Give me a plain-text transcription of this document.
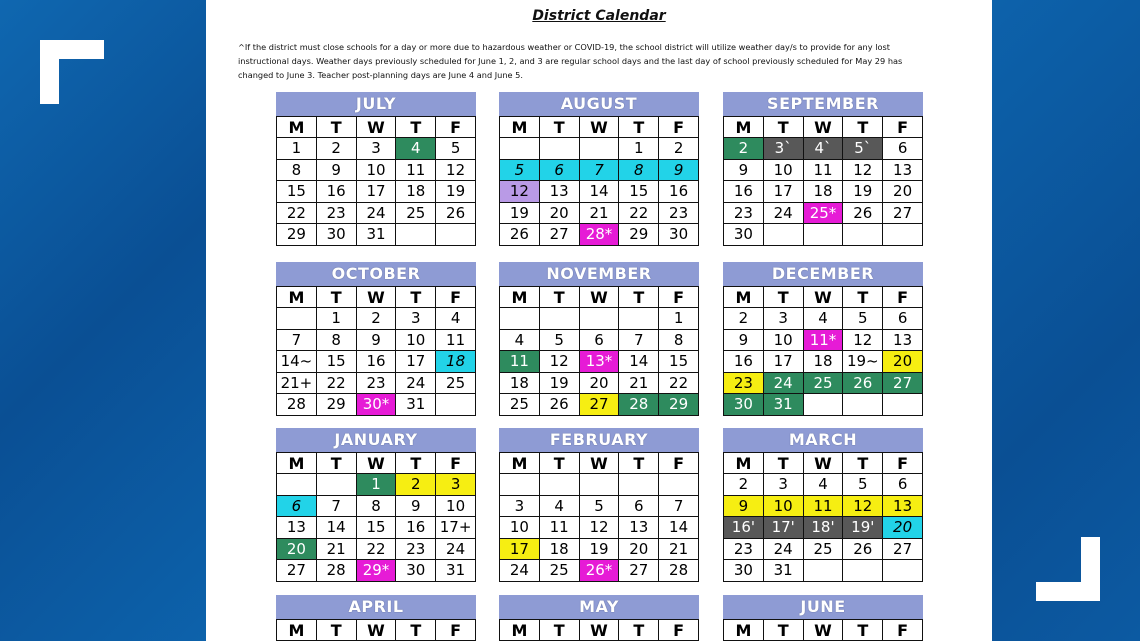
District Calendar
^If the district must close schools for a day or more due to hazardous weather or COVID-19, the school district will utilize weather day/s to provide for any lost instructional days. Weather days previously scheduled for June 1, 2, and 3 are regular school days and the last day of school previously scheduled for May 29 has changed to June 3. Teacher post-planning days are June 4 and June 5.
JULY
M	T	W	T	F
1	2	3	4	5
8	9	10	11	12
15	16	17	18	19
22	23	24	25	26
29	30	31		
AUGUST
M	T	W	T	F
			1	2
5	6	7	8	9
12	13	14	15	16
19	20	21	22	23
26	27	28*	29	30
SEPTEMBER
M	T	W	T	F
2	3`	4`	5`	6
9	10	11	12	13
16	17	18	19	20
23	24	25*	26	27
30				
OCTOBER
M	T	W	T	F
	1	2	3	4
7	8	9	10	11
14~	15	16	17	18
21+	22	23	24	25
28	29	30*	31	
NOVEMBER
M	T	W	T	F
				1
4	5	6	7	8
11	12	13*	14	15
18	19	20	21	22
25	26	27	28	29
DECEMBER
M	T	W	T	F
2	3	4	5	6
9	10	11*	12	13
16	17	18	19~	20
23	24	25	26	27
30	31			
JANUARY
M	T	W	T	F
		1	2	3
6	7	8	9	10
13	14	15	16	17+
20	21	22	23	24
27	28	29*	30	31
FEBRUARY
M	T	W	T	F

3	4	5	6	7
10	11	12	13	14
17	18	19	20	21
24	25	26*	27	28
MARCH
M	T	W	T	F
2	3	4	5	6
9	10	11	12	13
16'	17'	18'	19'	20
23	24	25	26	27
30	31			
APRIL
M	T	W	T	F
MAY
M	T	W	T	F
JUNE
M	T	W	T	F
